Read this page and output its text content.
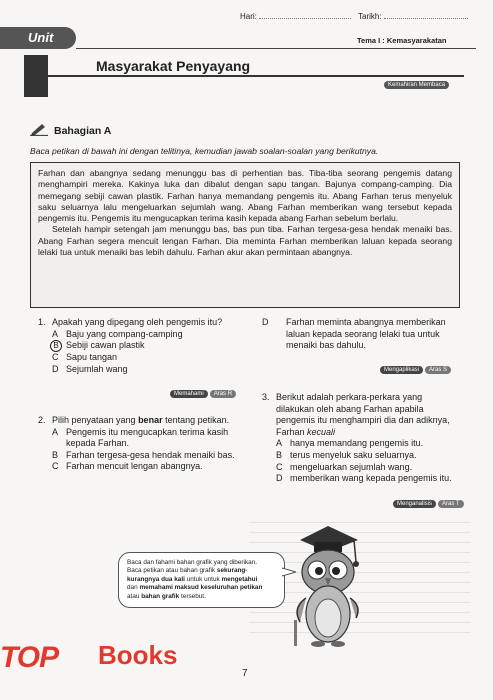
Hari:	Tarikh:
Unit	Tema I : Kemasyarakatan
Masyarakat Penyayang
Kemahiran Membaca
Bahagian A
Baca petikan di bawah ini dengan telitinya, kemudian jawab soalan-soalan yang berikutnya.

Farhan dan abangnya sedang menunggu bas di perhentian bas. Tiba-tiba seorang pengemis datang menghampiri mereka. Kakinya luka dan dibalut dengan sapu tangan. Bajunya compang-camping. Dia memegang sebiji cawan plastik. Farhan hanya memandang pengemis itu. Abang Farhan terus menyeluk saku seluarnya lalu mengeluarkan sejumlah wang. Abang Farhan memberikan wang tersebut kepada pengemis itu. Pengemis itu mengucapkan terima kasih kepada abang Farhan sebelum berlalu.

Setelah hampir setengah jam menunggu bas, bas pun tiba. Farhan tergesa-gesa hendak menaiki bas. Abang Farhan segera mencuit lengan Farhan. Dia meminta Farhan memberikan laluan kepada seorang lelaki tua untuk menaiki bas lebih dahulu. Farhan akur akan permintaan abangnya.

1. Apakah yang dipegang oleh pengemis itu?
A Baju yang compang-camping
B Sebiji cawan plastik
C Sapu tangan
D Sejumlah wang
Memahami	Aras R
2. Pilih penyataan yang benar tentang petikan.
A Pengemis itu mengucapkan terima kasih kepada Farhan.
B Farhan tergesa-gesa hendak menaiki bas.
C Farhan mencuit lengan abangnya.
D	Farhan meminta abangnya memberikan laluan kepada seorang lelaki tua untuk menaiki bas dahulu.
Mengaplikasi	Aras S
3. Berikut adalah perkara-perkara yang dilakukan oleh abang Farhan apabila pengemis itu menghampiri dia dan adiknya, Farhan kecuali
A hanya memandang pengemis itu.
B terus menyeluk saku seluarnya.
C mengeluarkan sejumlah wang.
D memberikan wang kepada pengemis itu.
Menganalisis	Aras T
Baca dan fahami bahan grafik yang diberikan.
Baca petikan atau bahan grafik sekurang-kurangnya dua kali untuk untuk mengetahui
dan memahami maksud keseluruhan petikan atau bahan grafik tersebut.
TOP Books
7
